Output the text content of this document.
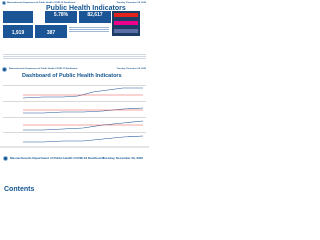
Massachusetts Department of Public Health COVID-19 Dashboard	Tuesday, December 29, 2020
Public Health Indicators
5.78%	82,617
1,919	387
Massachusetts Department of Public Health COVID-19 Dashboard	Tuesday, December 29, 2020
Dashboard of Public Health Indicators
Massachusetts Department of Public Health COVID-19 Dashboard
Tuesday, December 29, 2020
Contents
